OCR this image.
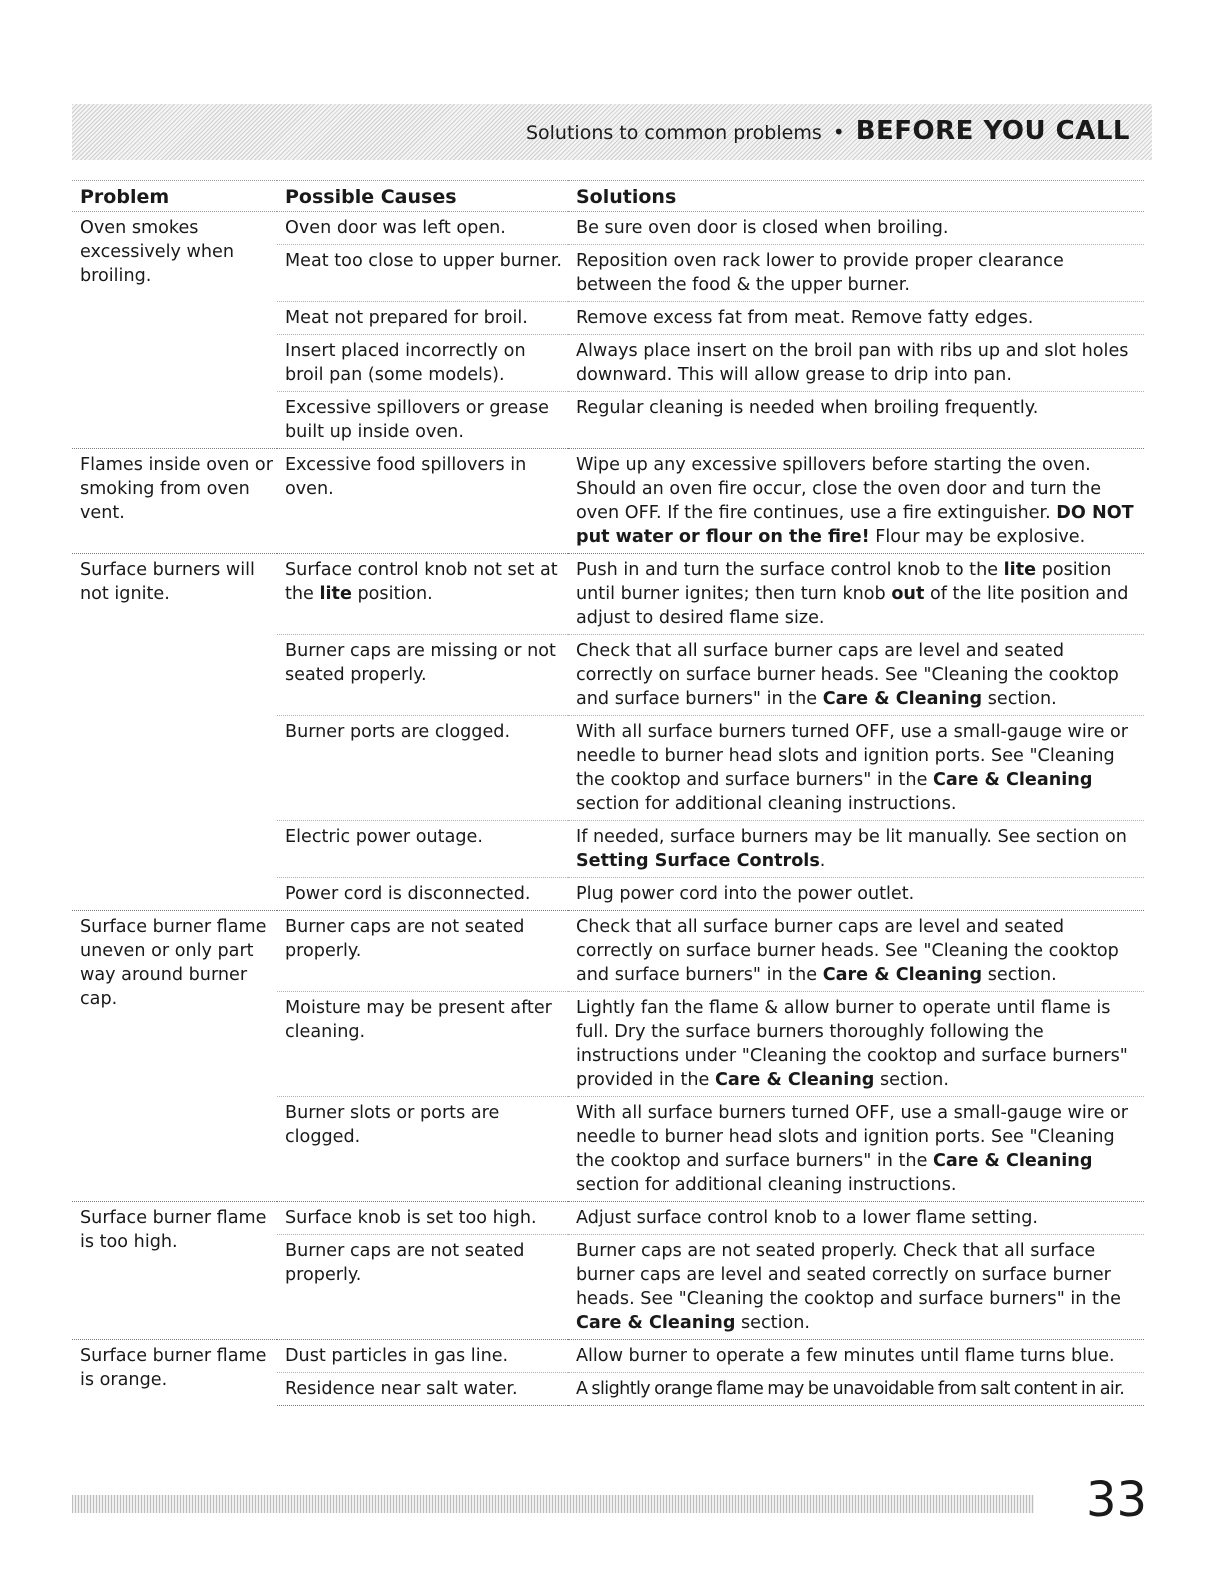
Solutions to common problems • BEFORE YOU CALL
Problem	Possible Causes	Solutions
Oven smokes excessively when broiling.	Oven door was left open.	Be sure oven door is closed when broiling.
	Meat too close to upper burner.	Reposition oven rack lower to provide proper clearance between the food & the upper burner.
	Meat not prepared for broil.	Remove excess fat from meat. Remove fatty edges.
	Insert placed incorrectly on broil pan (some models).	Always place insert on the broil pan with ribs up and slot holes downward. This will allow grease to drip into pan.
	Excessive spillovers or grease built up inside oven.	Regular cleaning is needed when broiling frequently.
Flames inside oven or smoking from oven vent.	Excessive food spillovers in oven.	Wipe up any excessive spillovers before starting the oven. Should an oven fire occur, close the oven door and turn the oven OFF. If the fire continues, use a fire extinguisher. DO NOT put water or flour on the fire! Flour may be explosive.
Surface burners will not ignite.	Surface control knob not set at the lite position.	Push in and turn the surface control knob to the lite position until burner ignites; then turn knob out of the lite position and adjust to desired flame size.
	Burner caps are missing or not seated properly.	Check that all surface burner caps are level and seated correctly on surface burner heads. See "Cleaning the cooktop and surface burners" in the Care & Cleaning section.
	Burner ports are clogged.	With all surface burners turned OFF, use a small-gauge wire or needle to burner head slots and ignition ports. See "Cleaning the cooktop and surface burners" in the Care & Cleaning section for additional cleaning instructions.
	Electric power outage.	If needed, surface burners may be lit manually. See section on Setting Surface Controls.
	Power cord is disconnected.	Plug power cord into the power outlet.
Surface burner flame uneven or only part way around burner cap.	Burner caps are not seated properly.	Check that all surface burner caps are level and seated correctly on surface burner heads. See "Cleaning the cooktop and surface burners" in the Care & Cleaning section.
	Moisture may be present after cleaning.	Lightly fan the flame & allow burner to operate until flame is full. Dry the surface burners thoroughly following the instructions under "Cleaning the cooktop and surface burners" provided in the Care & Cleaning section.
	Burner slots or ports are clogged.	With all surface burners turned OFF, use a small-gauge wire or needle to burner head slots and ignition ports. See "Cleaning the cooktop and surface burners" in the Care & Cleaning section for additional cleaning instructions.
Surface burner flame is too high.	Surface knob is set too high.	Adjust surface control knob to a lower flame setting.
	Burner caps are not seated properly.	Burner caps are not seated properly. Check that all surface burner caps are level and seated correctly on surface burner heads. See "Cleaning the cooktop and surface burners" in the Care & Cleaning section.
Surface burner flame is orange.	Dust particles in gas line.	Allow burner to operate a few minutes until flame turns blue.
	Residence near salt water.	A slightly orange flame may be unavoidable from salt content in air.
33
